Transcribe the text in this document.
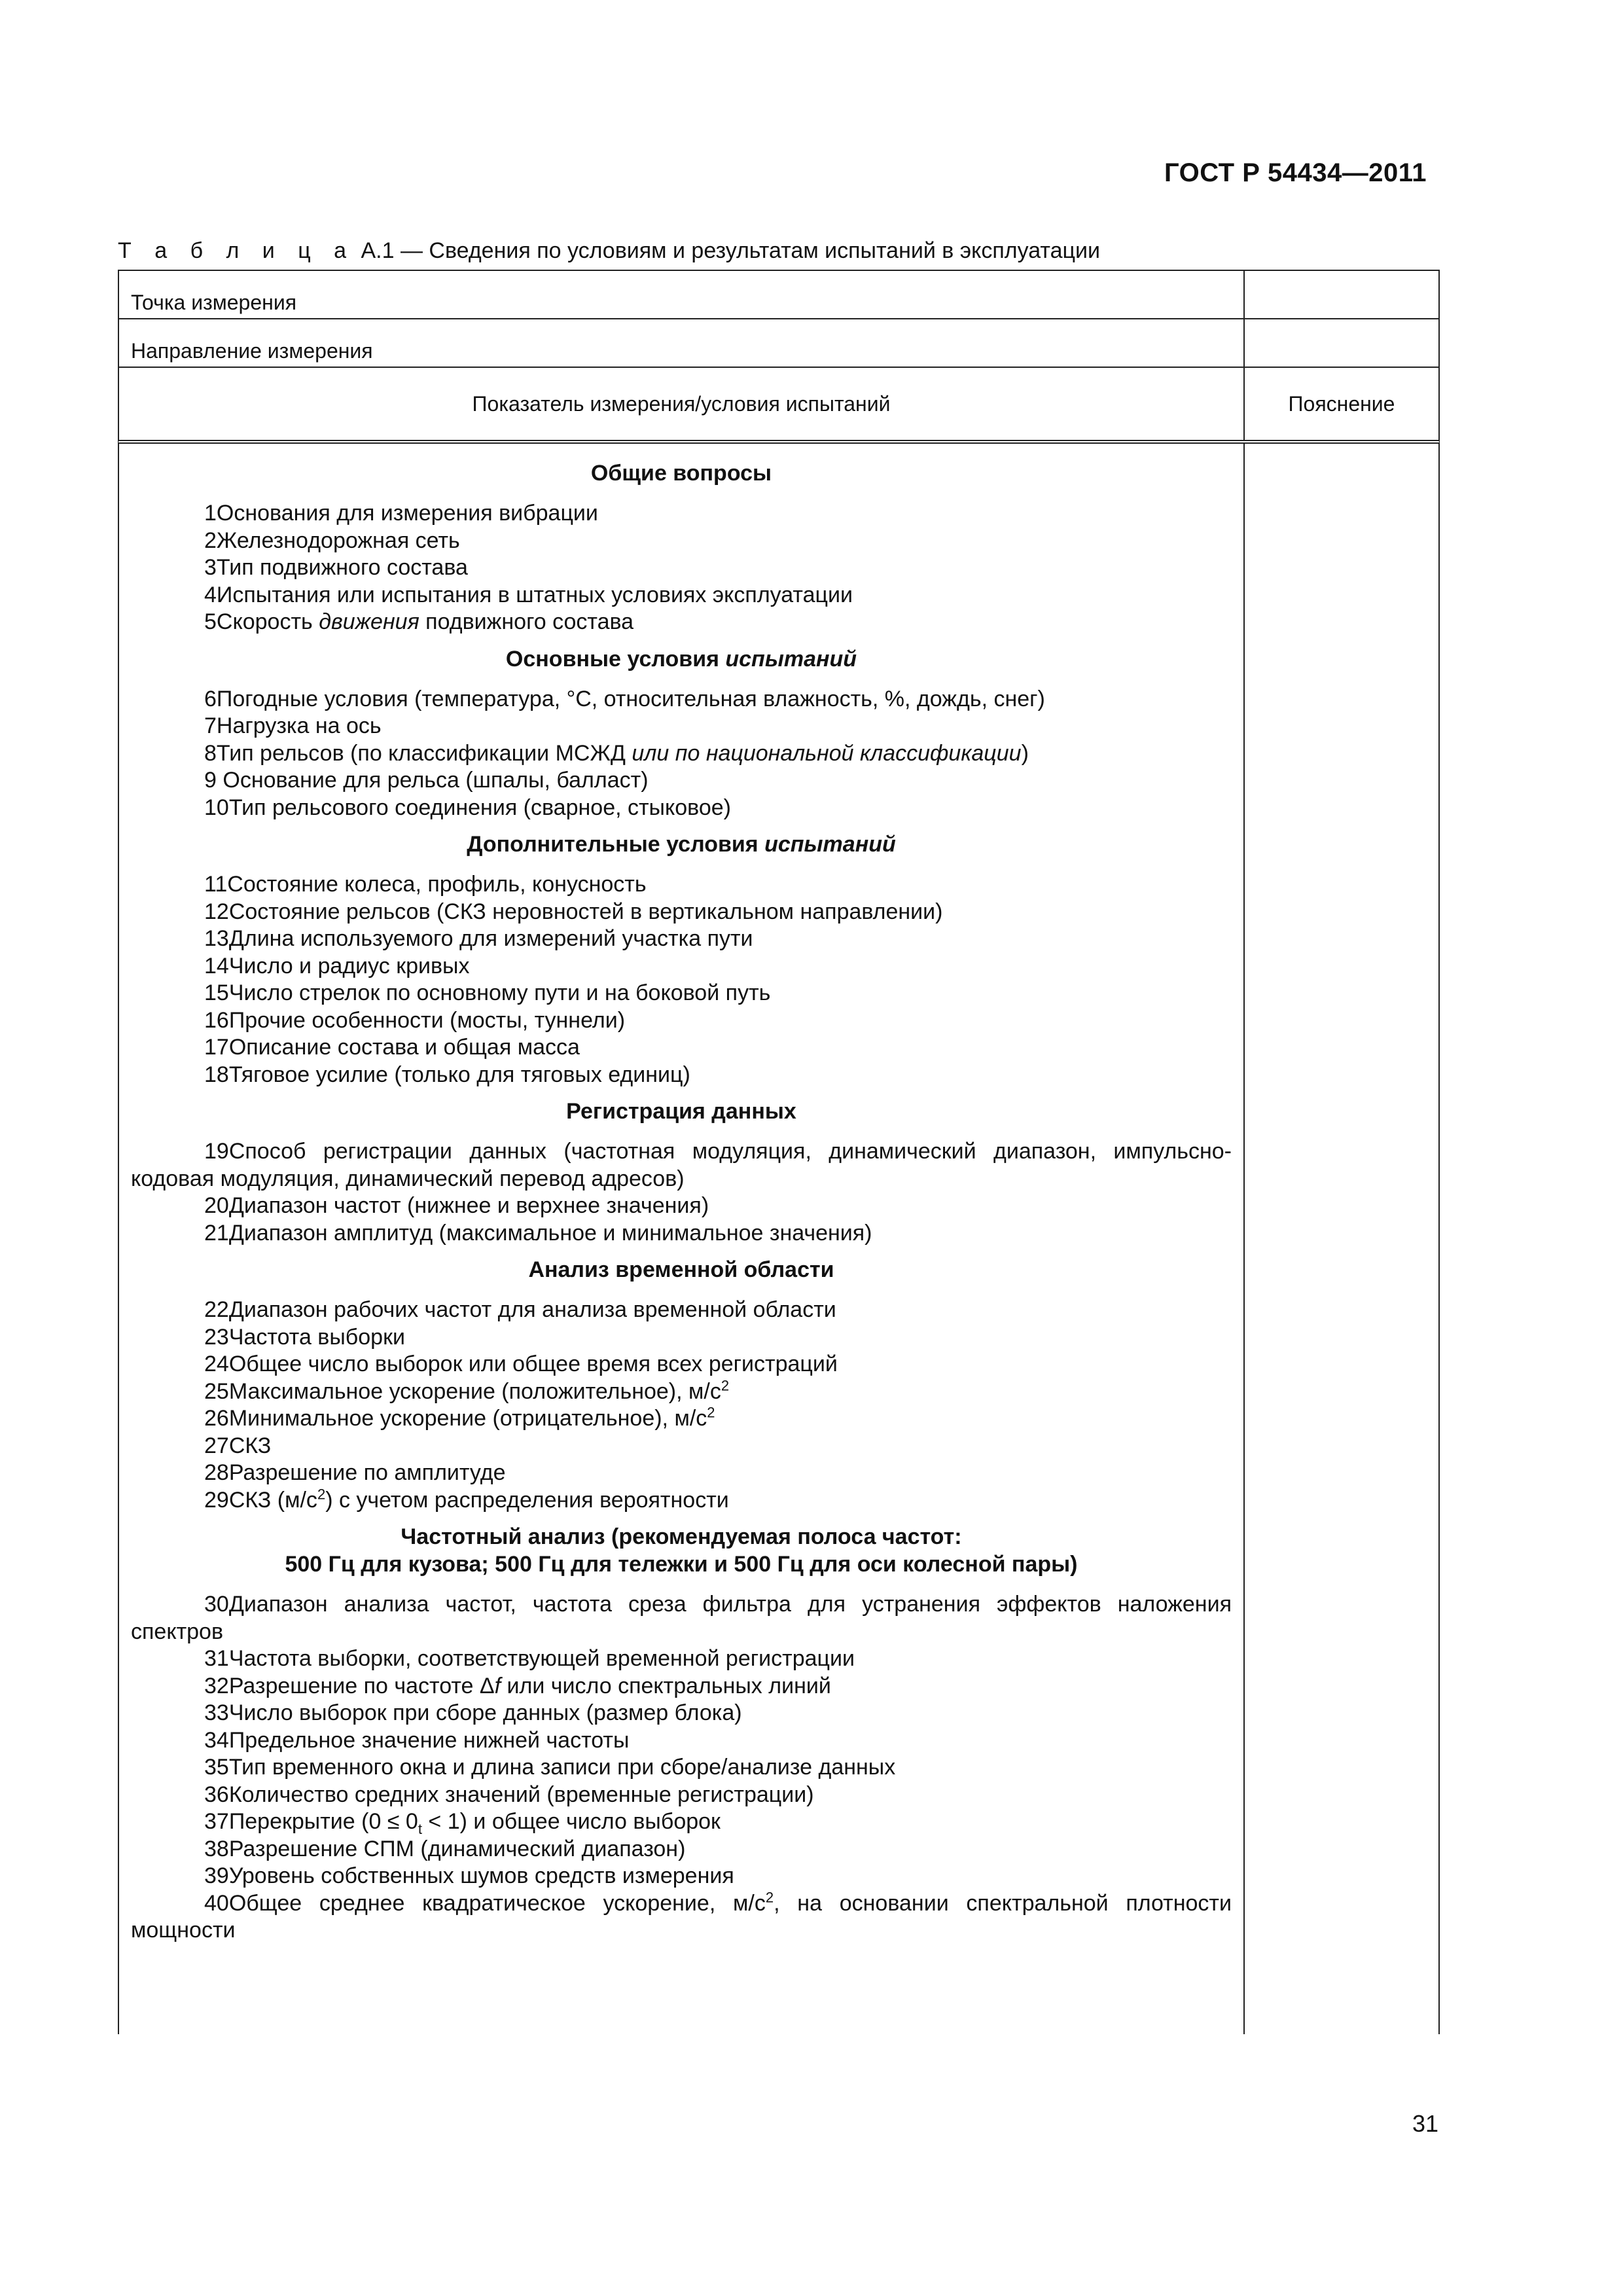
ГОСТ Р 54434—2011
Т а б л и ц а А.1 — Сведения по условиям и результатам испытаний в эксплуатации
Точка измерения
Направление измерения
Показатель измерения/условия испытаний	Пояснение
Общие вопросы

1Основания для измерения вибрации

2Железнодорожная сеть

3Тип подвижного состава

4Испытания или испытания в штатных условиях эксплуатации

5Скорость движения подвижного состава

Основные условия испытаний

6Погодные условия (температура, °С, относительная влажность, %, дождь, снег)

7Нагрузка на ось

8Тип рельсов (по классификации МСЖД или по национальной классификации)

9 Основание для рельса (шпалы, балласт)

10Тип рельсового соединения (сварное, стыковое)

Дополнительные условия испытаний

11Состояние колеса, профиль, конусность

12Состояние рельсов (СКЗ неровностей в вертикальном направлении)

13Длина используемого для измерений участка пути

14Число и радиус кривых

15Число стрелок по основному пути и на боковой путь

16Прочие особенности (мосты, туннели)

17Описание состава и общая масса

18Тяговое усилие (только для тяговых единиц)

Регистрация данных

19Способ регистрации данных (частотная модуляция, динамический диапазон, импульсно-кодовая модуляция, динамический перевод адресов)

20Диапазон частот (нижнее и верхнее значения)

21Диапазон амплитуд (максимальное и минимальное значения)

Анализ временной области

22Диапазон рабочих частот для анализа временной области

23Частота выборки

24Общее число выборок или общее время всех регистраций

25Максимальное ускорение (положительное), $м/с^2$

26Минимальное ускорение (отрицательное), $м/с^2$

27СКЗ

28Разрешение по амплитуде

29СКЗ $(м/с^2)$ с учетом распределения вероятности

Частотный анализ (рекомендуемая полоса частот:
500 Гц для кузова; 500 Гц для тележки и 500 Гц для оси колесной пары)

30Диапазон анализа частот, частота среза фильтра для устранения эффектов наложения спектров

31Частота выборки, соответствующей временной регистрации

32Разрешение по частоте Δf или число спектральных линий

33Число выборок при сборе данных (размер блока)

34Предельное значение нижней частоты

35Тип временного окна и длина записи при сборе/анализе данных

36Количество средних значений (временные регистрации)

37Перекрытие $(0 \le 0_t < 1)$ и общее число выборок

38Разрешение СПМ (динамический диапазон)

39Уровень собственных шумов средств измерения

40Общее среднее квадратическое ускорение, $м/с^2$, на основании спектральной плотности мощности

31
